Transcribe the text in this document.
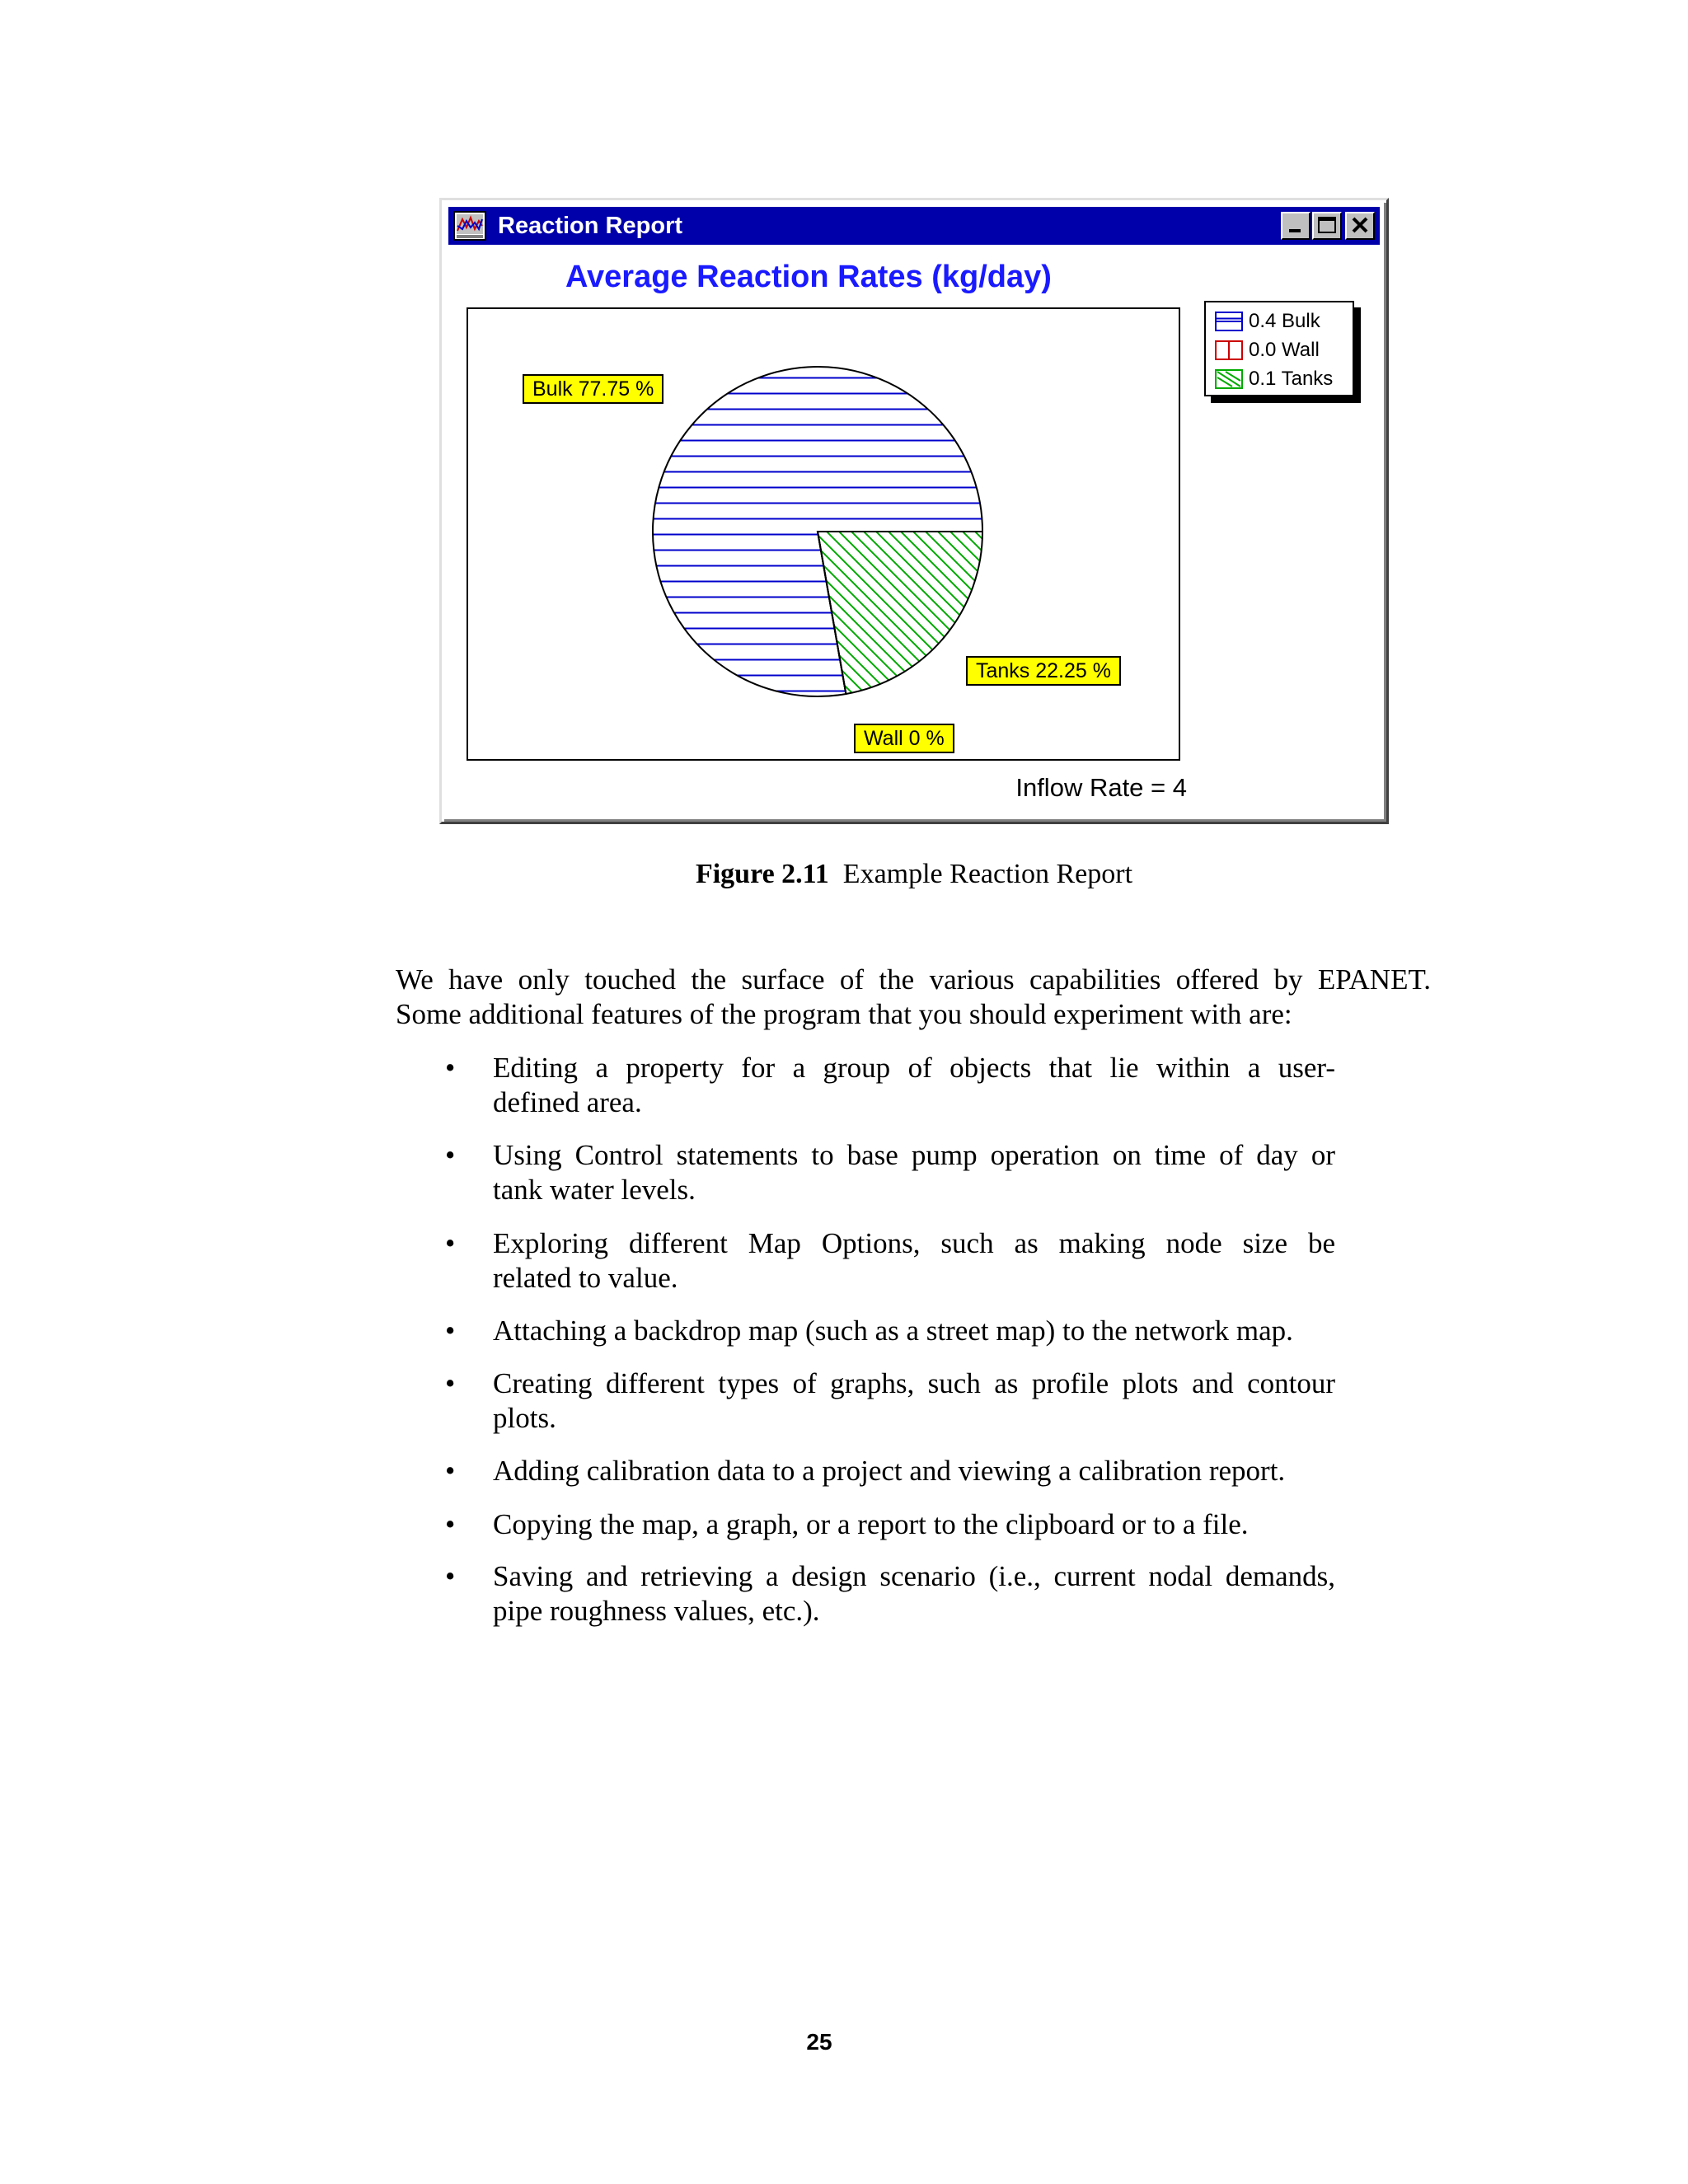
Reaction Report
Average Reaction Rates (kg/day)
Bulk 77.75 %
Tanks 22.25 %
Wall 0 %
Inflow Rate = 4
0.4 Bulk
0.0 Wall
0.1 Tanks
Figure 2.11 Example Reaction Report
We have only touched the surface of the various capabilities offered by EPANET.
Some additional features of the program that you should experiment with are:
• Editing a property for a group of objects that lie within a user-
defined area.
• Using Control statements to base pump operation on time of day or
tank water levels.
• Exploring different Map Options, such as making node size be
related to value.
• Attaching a backdrop map (such as a street map) to the network map.
• Creating different types of graphs, such as profile plots and contour
plots.
• Adding calibration data to a project and viewing a calibration report.
• Copying the map, a graph, or a report to the clipboard or to a file.
• Saving and retrieving a design scenario (i.e., current nodal demands,
pipe roughness values, etc.).
25
